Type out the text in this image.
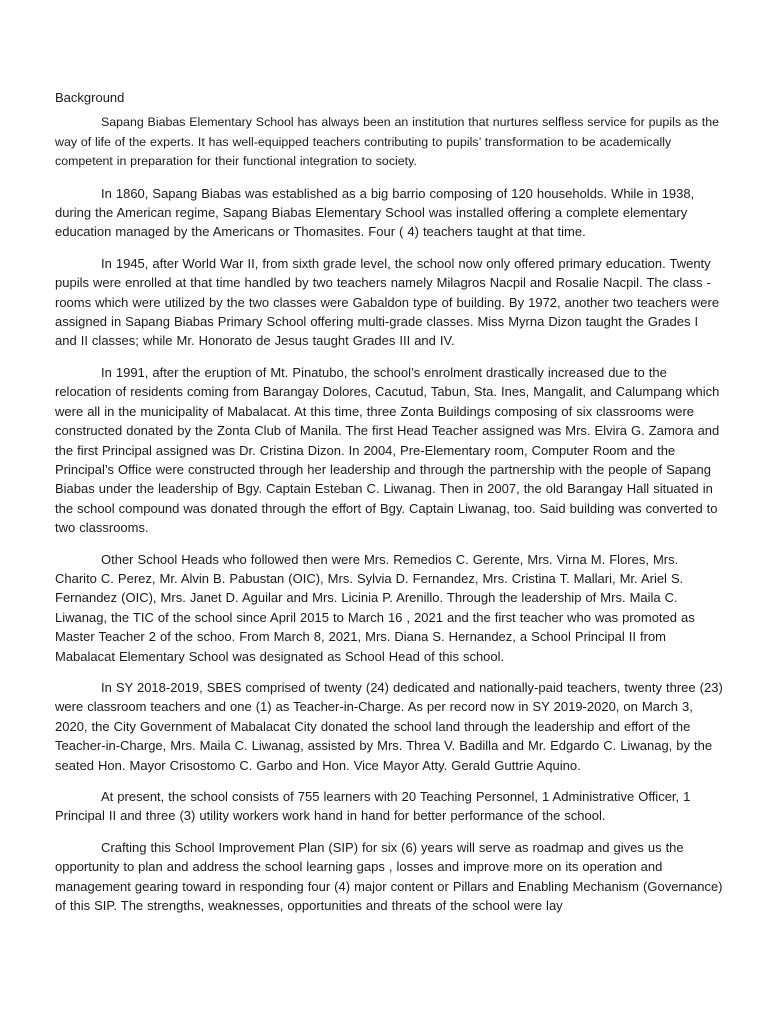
Background

Sapang Biabas Elementary School has always been an institution that nurtures selfless service for pupils as the way of life of the experts. It has well-equipped teachers contributing to pupils’ transformation to be academically competent in preparation for their functional integration to society.

In 1860, Sapang Biabas was established as a big barrio composing of 120 households. While in 1938, during the American regime, Sapang Biabas Elementary School was installed offering a complete elementary education managed by the Americans or Thomasites. Four ( 4) teachers taught at that time.

In 1945, after World War II, from sixth grade level, the school now only offered primary education. Twenty pupils were enrolled at that time handled by two teachers namely Milagros Nacpil and Rosalie Nacpil. The class -rooms which were utilized by the two classes were Gabaldon type of building. By 1972, another two teachers were assigned in Sapang Biabas Primary School offering multi-grade classes. Miss Myrna Dizon taught the Grades I and II classes; while Mr. Honorato de Jesus taught Grades III and IV.

In 1991, after the eruption of Mt. Pinatubo, the school’s enrolment drastically increased due to the relocation of residents coming from Barangay Dolores, Cacutud, Tabun, Sta. Ines, Mangalit, and Calumpang which were all in the municipality of Mabalacat. At this time, three Zonta Buildings composing of six classrooms were constructed donated by the Zonta Club of Manila. The first Head Teacher assigned was Mrs. Elvira G. Zamora and the first Principal assigned was Dr. Cristina Dizon. In 2004, Pre-Elementary room, Computer Room and the Principal’s Office were constructed through her leadership and through the partnership with the people of Sapang Biabas under the leadership of Bgy. Captain Esteban C. Liwanag. Then in 2007, the old Barangay Hall situated in the school compound was donated through the effort of Bgy. Captain Liwanag, too. Said building was converted to two classrooms.

Other School Heads who followed then were Mrs. Remedios C. Gerente, Mrs. Virna M. Flores, Mrs. Charito C. Perez, Mr. Alvin B. Pabustan (OIC), Mrs. Sylvia D. Fernandez, Mrs. Cristina T. Mallari, Mr. Ariel S. Fernandez (OIC), Mrs. Janet D. Aguilar and Mrs. Licinia P. Arenillo. Through the leadership of Mrs. Maila C. Liwanag, the TIC of the school since April 2015 to March 16 , 2021 and the first teacher who was promoted as Master Teacher 2 of the schoo. From March 8, 2021, Mrs. Diana S. Hernandez, a School Principal II from Mabalacat Elementary School was designated as School Head of this school.

In SY 2018-2019, SBES comprised of twenty (24) dedicated and nationally-paid teachers, twenty three (23) were classroom teachers and one (1) as Teacher-in-Charge. As per record now in SY 2019-2020, on March 3, 2020, the City Government of Mabalacat City donated the school land through the leadership and effort of the Teacher-in-Charge, Mrs. Maila C. Liwanag, assisted by Mrs. Threa V. Badilla and Mr. Edgardo C. Liwanag, by the seated Hon. Mayor Crisostomo C. Garbo and Hon. Vice Mayor Atty. Gerald Guttrie Aquino.

At present, the school consists of 755 learners with 20 Teaching Personnel, 1 Administrative Officer, 1 Principal II and three (3) utility workers work hand in hand for better performance of the school.

Crafting this School Improvement Plan (SIP) for six (6) years will serve as roadmap and gives us the opportunity to plan and address the school learning gaps , losses and improve more on its operation and management gearing toward in responding four (4) major content or Pillars and Enabling Mechanism (Governance) of this SIP. The strengths, weaknesses, opportunities and threats of the school were lay
